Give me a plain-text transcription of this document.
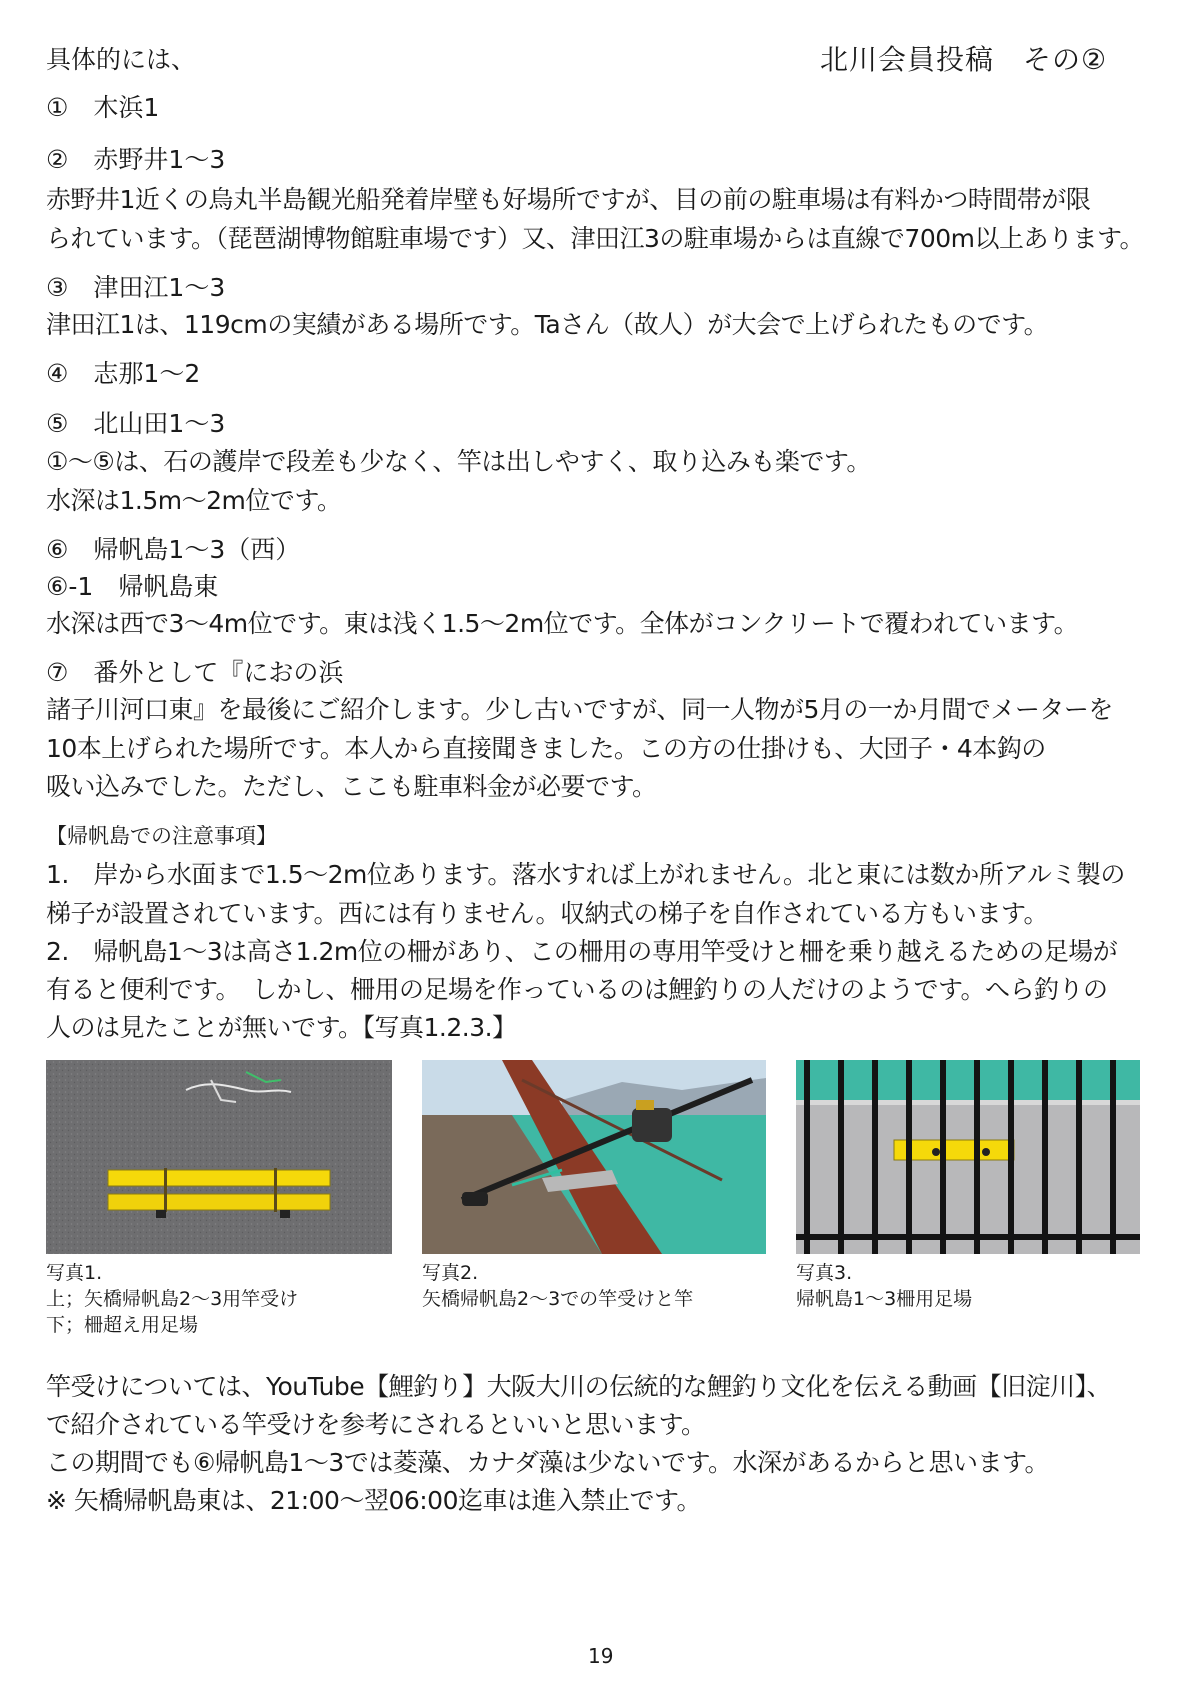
具体的には、	北川会員投稿　その②

①　木浜1

②　赤野井1～3

赤野井1近くの烏丸半島観光船発着岸壁も好場所ですが、目の前の駐車場は有料かつ時間帯が限

られています。（琵琶湖博物館駐車場です）又、津田江3の駐車場からは直線で700m以上あります。

③　津田江1～3

津田江1は、119cmの実績がある場所です。Taさん（故人）が大会で上げられたものです。

④　志那1～2

⑤　北山田1～3

①～⑤は、石の護岸で段差も少なく、竿は出しやすく、取り込みも楽です。

水深は1.5m～2m位です。

⑥　帰帆島1～3（西）

⑥-1　帰帆島東

水深は西で3～4m位です。東は浅く1.5～2m位です。全体がコンクリートで覆われています。

⑦　番外として『におの浜

諸子川河口東』を最後にご紹介します。少し古いですが、同一人物が5月の一か月間でメーターを

10本上げられた場所です。本人から直接聞きました。この方の仕掛けも、大団子・4本鈎の

吸い込みでした。ただし、ここも駐車料金が必要です。

【帰帆島での注意事項】

1.　岸から水面まで1.5～2m位あります。落水すれば上がれません。北と東には数か所アルミ製の

梯子が設置されています。西には有りません。収納式の梯子を自作されている方もいます。

2.　帰帆島1～3は高さ1.2m位の柵があり、この柵用の専用竿受けと柵を乗り越えるための足場が

有ると便利です。　しかし、柵用の足場を作っているのは鯉釣りの人だけのようです。へら釣りの

人のは見たことが無いです。【写真1.2.3.】

写真1.
上；矢橋帰帆島2～3用竿受け
下；柵超え用足場

写真2.
矢橋帰帆島2～3での竿受けと竿

写真3.
帰帆島1～3柵用足場

竿受けについては、YouTube【鯉釣り】大阪大川の伝統的な鯉釣り文化を伝える動画【旧淀川】、

で紹介されている竿受けを参考にされるといいと思います。

この期間でも⑥帰帆島1～3では菱藻、カナダ藻は少ないです。水深があるからと思います。

※ 矢橋帰帆島東は、21:00～翌06:00迄車は進入禁止です。

19
